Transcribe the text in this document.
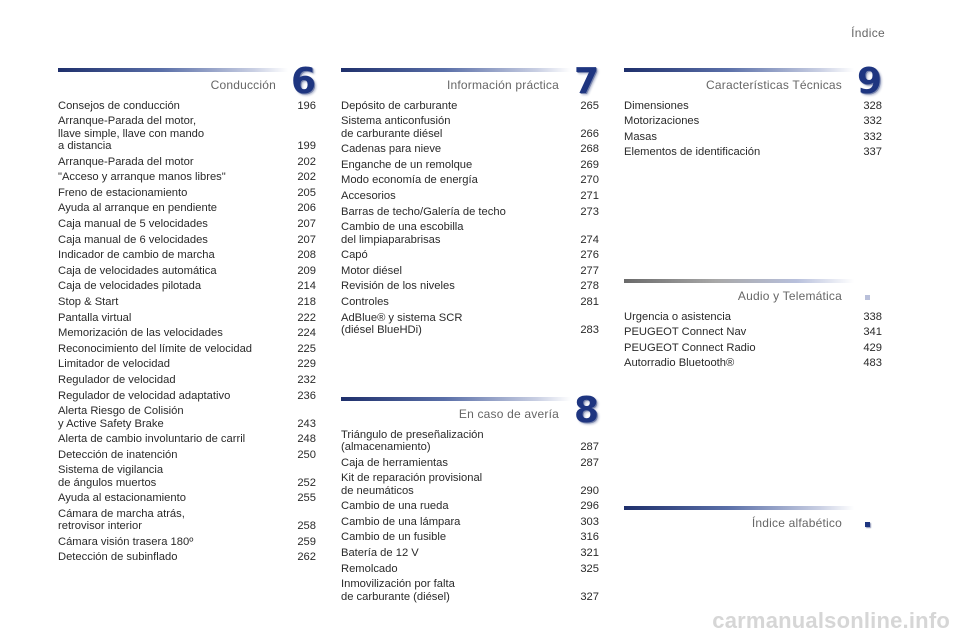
Índice
Conducción 6
Consejos de conducción	196
Arranque-Parada del motor,
llave simple, llave con mando
a distancia	199
Arranque-Parada del motor	202
"Acceso y arranque manos libres"	202
Freno de estacionamiento	205
Ayuda al arranque en pendiente	206
Caja manual de 5 velocidades	207
Caja manual de 6 velocidades	207
Indicador de cambio de marcha	208
Caja de velocidades automática	209
Caja de velocidades pilotada	214
Stop & Start	218
Pantalla virtual	222
Memorización de las velocidades	224
Reconocimiento del límite de velocidad	225
Limitador de velocidad	229
Regulador de velocidad	232
Regulador de velocidad adaptativo	236
Alerta Riesgo de Colisión
y Active Safety Brake	243
Alerta de cambio involuntario de carril	248
Detección de inatención	250
Sistema de vigilancia
de ángulos muertos	252
Ayuda al estacionamiento	255
Cámara de marcha atrás,
retrovisor interior	258
Cámara visión trasera 180º	259
Detección de subinflado	262
Información práctica 7
Depósito de carburante	265
Sistema anticonfusión
de carburante diésel	266
Cadenas para nieve	268
Enganche de un remolque	269
Modo economía de energía	270
Accesorios	271
Barras de techo/Galería de techo	273
Cambio de una escobilla
del limpiaparabrisas	274
Capó	276
Motor diésel	277
Revisión de los niveles	278
Controles	281
AdBlue® y sistema SCR
(diésel BlueHDi)	283
En caso de avería 8
Triángulo de preseñalización
(almacenamiento)	287
Caja de herramientas	287
Kit de reparación provisional
de neumáticos	290
Cambio de una rueda	296
Cambio de una lámpara	303
Cambio de un fusible	316
Batería de 12 V	321
Remolcado	325
Inmovilización por falta
de carburante (diésel)	327
Características Técnicas 9
Dimensiones	328
Motorizaciones	332
Masas	332
Elementos de identificación	337
Audio y Telemática
Urgencia o asistencia	338
PEUGEOT Connect Nav	341
PEUGEOT Connect Radio	429
Autorradio Bluetooth®	483
Índice alfabético
carmanualsonline.info
